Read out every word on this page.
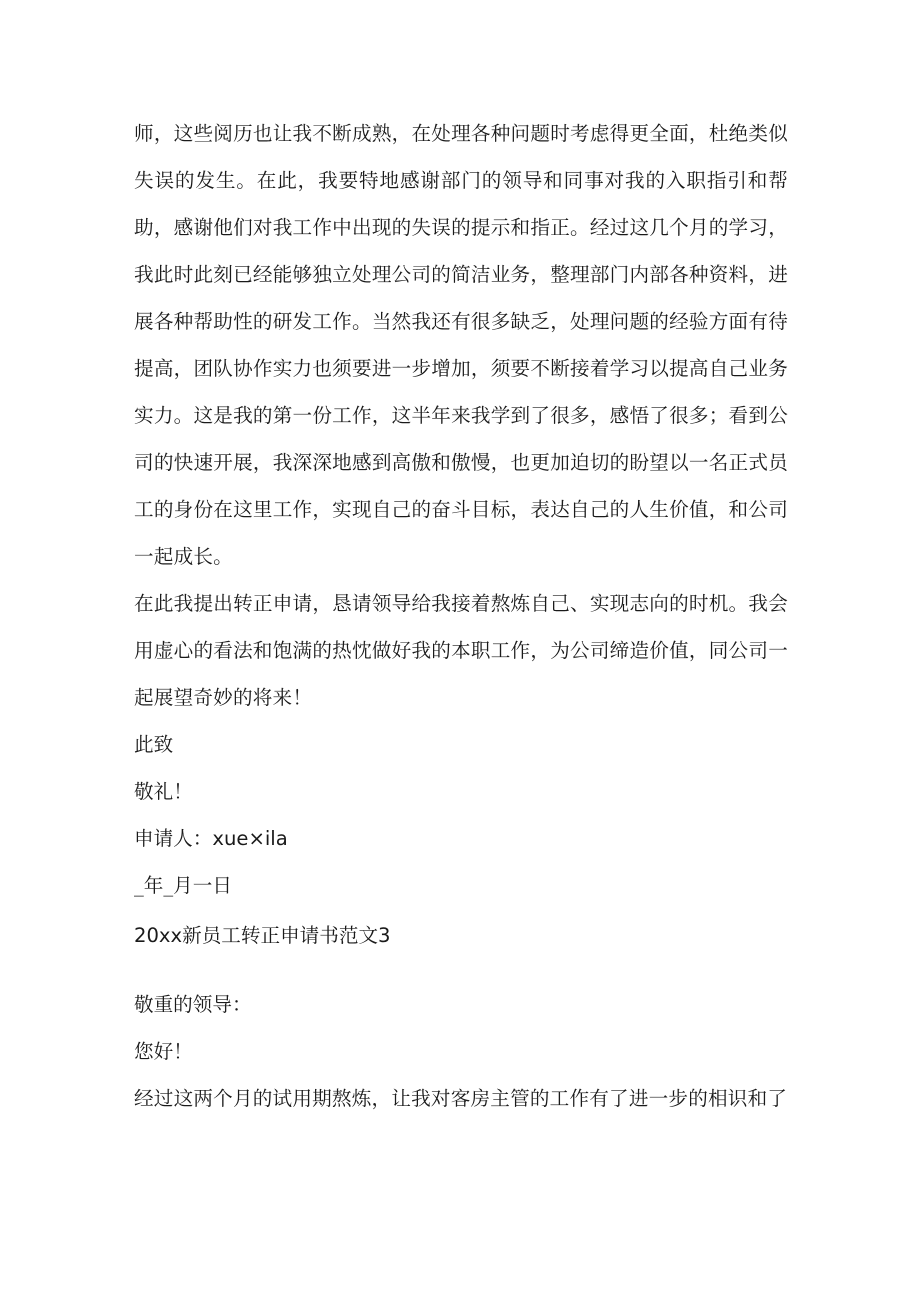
师，这些阅历也让我不断成熟，在处理各种问题时考虑得更全面，杜绝类似失误的发生。在此，我要特地感谢部门的领导和同事对我的入职指引和帮助，感谢他们对我工作中出现的失误的提示和指正。经过这几个月的学习，我此时此刻已经能够独立处理公司的简洁业务，整理部门内部各种资料，进展各种帮助性的研发工作。当然我还有很多缺乏，处理问题的经验方面有待提高，团队协作实力也须要进一步增加，须要不断接着学习以提高自己业务实力。这是我的第一份工作，这半年来我学到了很多，感悟了很多；看到公司的快速开展，我深深地感到高傲和傲慢，也更加迫切的盼望以一名正式员工的身份在这里工作，实现自己的奋斗目标，表达自己的人生价值，和公司一起成长。

在此我提出转正申请，恳请领导给我接着熬炼自己、实现志向的时机。我会用虚心的看法和饱满的热忱做好我的本职工作，为公司缔造价值，同公司一起展望奇妙的将来！

此致

敬礼！

申请人：xue×ila

_年_月一日

20xx新员工转正申请书范文3

敬重的领导：

您好！

经过这两个月的试用期熬炼，让我对客房主管的工作有了进一步的相识和了
